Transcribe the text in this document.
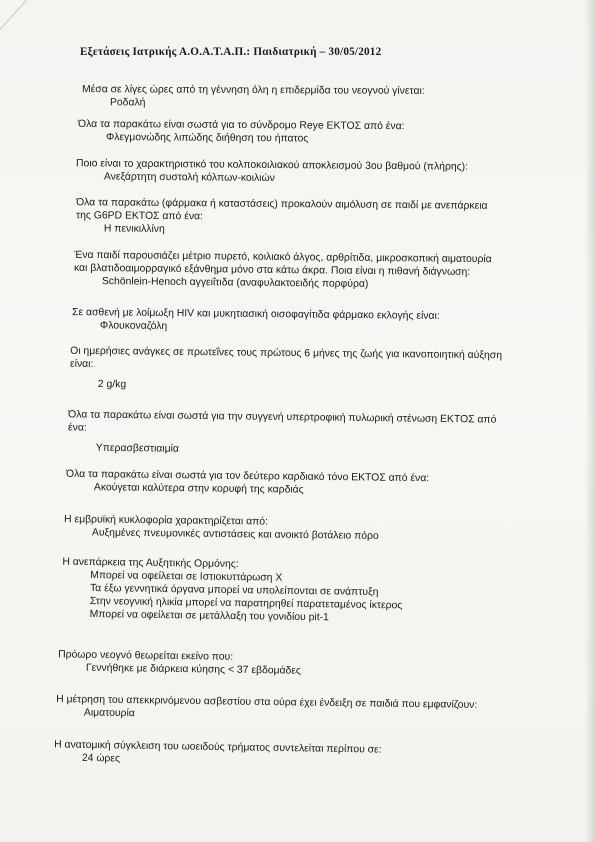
Εξετάσεις Ιατρικής Α.Ο.Α.Τ.Α.Π.: Παιδιατρική – 30/05/2012
Μέσα σε λίγες ώρες από τη γέννηση όλη η επιδερμίδα του νεογνού γίνεται:
Ροδαλή
Όλα τα παρακάτω είναι σωστά για το σύνδρομο Reye ΕΚΤΟΣ από ένα:
Φλεγμονώδης λιπώδης διήθηση του ήπατος
Ποιο είναι το χαρακτηριστικό του κολποκοιλιακού αποκλεισμού 3ου βαθμού (πλήρης):
Ανεξάρτητη συστολή κόλπων-κοιλιών
Όλα τα παρακάτω (φάρμακα ή καταστάσεις) προκαλούν αιμόλυση σε παιδί με ανεπάρκεια
της G6PD ΕΚΤΟΣ από ένα:
Η πενικιλλίνη
Ένα παιδί παρουσιάζει μέτριο πυρετό, κοιλιακό άλγος, αρθρίτιδα, μικροσκοπική αιματουρία
και βλατιδοαιμορραγικό εξάνθημα μόνο στα κάτω άκρα. Ποια είναι η πιθανή διάγνωση:
Schönlein-Henoch αγγειΐτιδα (αναφυλακτοειδής πορφύρα)
Σε ασθενή με λοίμωξη HIV και μυκητιασική οισοφαγίτιδα φάρμακο εκλογής είναι:
Φλουκοναζόλη
Οι ημερήσιες ανάγκες σε πρωτεΐνες τους πρώτους 6 μήνες της ζωής για ικανοποιητική αύξηση
είναι:
2 g/kg
Όλα τα παρακάτω είναι σωστά για την συγγενή υπερτροφική πυλωρική στένωση ΕΚΤΟΣ από
ένα:
Υπερασβεστιαιμία
Όλα τα παρακάτω είναι σωστά για τον δεύτερο καρδιακό τόνο ΕΚΤΟΣ από ένα:
Ακούγεται καλύτερα στην κορυφή της καρδιάς
Η εμβρυϊκή κυκλοφορία χαρακτηρίζεται από:
Αυξημένες πνευμονικές αντιστάσεις και ανοικτό βοτάλειο πόρο
Η ανεπάρκεια της Αυξητικής Ορμόνης:
Μπορεί να οφείλεται σε Ιστιοκυττάρωση Χ
Τα έξω γεννητικά όργανα μπορεί να υπολείπονται σε ανάπτυξη
Στην νεογνική ηλικία μπορεί να παρατηρηθεί παρατεταμένος ίκτερος
Μπορεί να οφείλεται σε μετάλλαξη του γονιδίου pit-1
Πρόωρο νεογνό θεωρείται εκείνο που:
Γεννήθηκε με διάρκεια κύησης < 37 εβδομάδες
Η μέτρηση του απεκκρινόμενου ασβεστίου στα ούρα έχει ένδειξη σε παιδιά που εμφανίζουν:
Αιματουρία
Η ανατομική σύγκλειση του ωοειδούς τρήματος συντελείται περίπου σε:
24 ώρες
